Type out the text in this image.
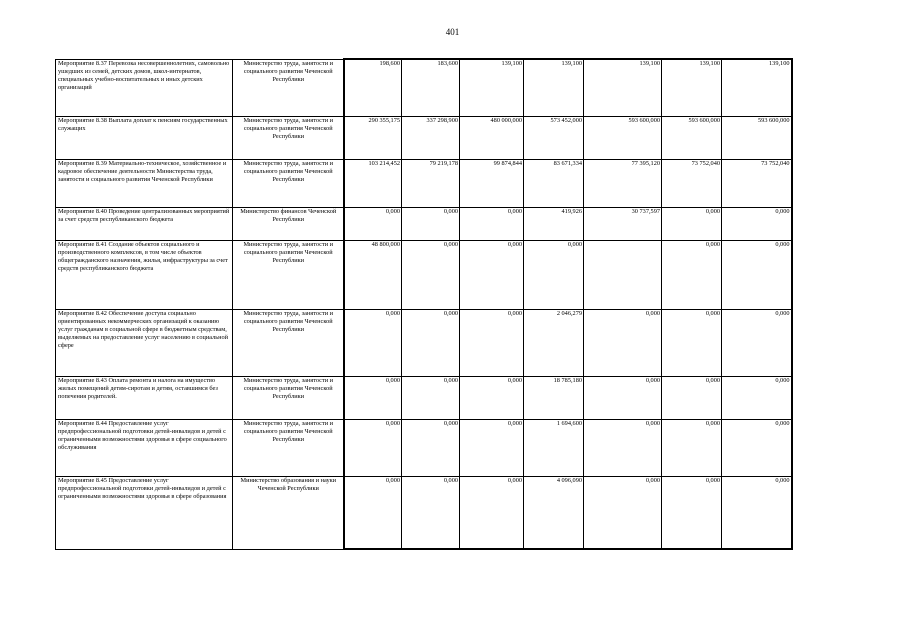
401
Мероприятие 8.37 Перевозка несовершеннолетних, самовольно ушедших из семей, детских домов, школ-интернатов, специальных учебно-воспитательных и иных детских организаций	Министерство труда, занятости и социального развития Чеченской Республики	198,600	183,600	139,100	139,100	139,100	139,100	139,100
Мероприятие 8.38 Выплата доплат к пенсиям государственных служащих	Министерство труда, занятости и социального развития Чеченской Республики	290 355,175	337 298,900	480 000,000	573 452,000	593 600,000	593 600,000	593 600,000
Мероприятие 8.39 Материально-техническое, хозяйственное и кадровое обеспечение деятельности Министерства труда, занятости и социального развития Чеченской Республики	Министерство труда, занятости и социального развития Чеченской Республики	103 214,452	79 219,178	99 874,844	83 671,334	77 395,120	73 752,040	73 752,040
Мероприятие 8.40 Проведение централизованных мероприятий за счет средств республиканского бюджета	Министерство финансов Чеченской Республики	0,000	0,000	0,000	419,926	30 737,597	0,000	0,000
Мероприятие 8.41 Создание объектов социального и производственного комплексов, в том числе объектов общегражданского назначения, жилья, инфраструктуры за счет средств республиканского бюджета	Министерство труда, занятости и социального развития Чеченской Республики	48 800,000	0,000	0,000	0,000		0,000	0,000
Мероприятие 8.42 Обеспечение доступа социально ориентированных некоммерческих организаций к оказанию услуг гражданам в социальной сфере в бюджетным средствам, выделяемых на предоставление услуг населению в социальной сфере	Министерство труда, занятости и социального развития Чеченской Республики	0,000	0,000	0,000	2 046,279	0,000	0,000	0,000
Мероприятие 8.43 Оплата ремонта и налога на имущество жилых помещений детям-сиротам и детям, оставшимся без попечения родителей.	Министерство труда, занятости и социального развития Чеченской Республики	0,000	0,000	0,000	18 785,180	0,000	0,000	0,000
Мероприятие 8.44 Предоставление услуг предпрофессиональной подготовки детей-инвалидов и детей с ограниченными возможностями здоровья в сфере социального обслуживания	Министерство труда, занятости и социального развития Чеченской Республики	0,000	0,000	0,000	1 694,600	0,000	0,000	0,000
Мероприятие 8.45 Предоставление услуг предпрофессиональной подготовки детей-инвалидов и детей с ограниченными возможностями здоровья в сфере образования	Министерство образования и науки Чеченской Республики	0,000	0,000	0,000	4 096,090	0,000	0,000	0,000
